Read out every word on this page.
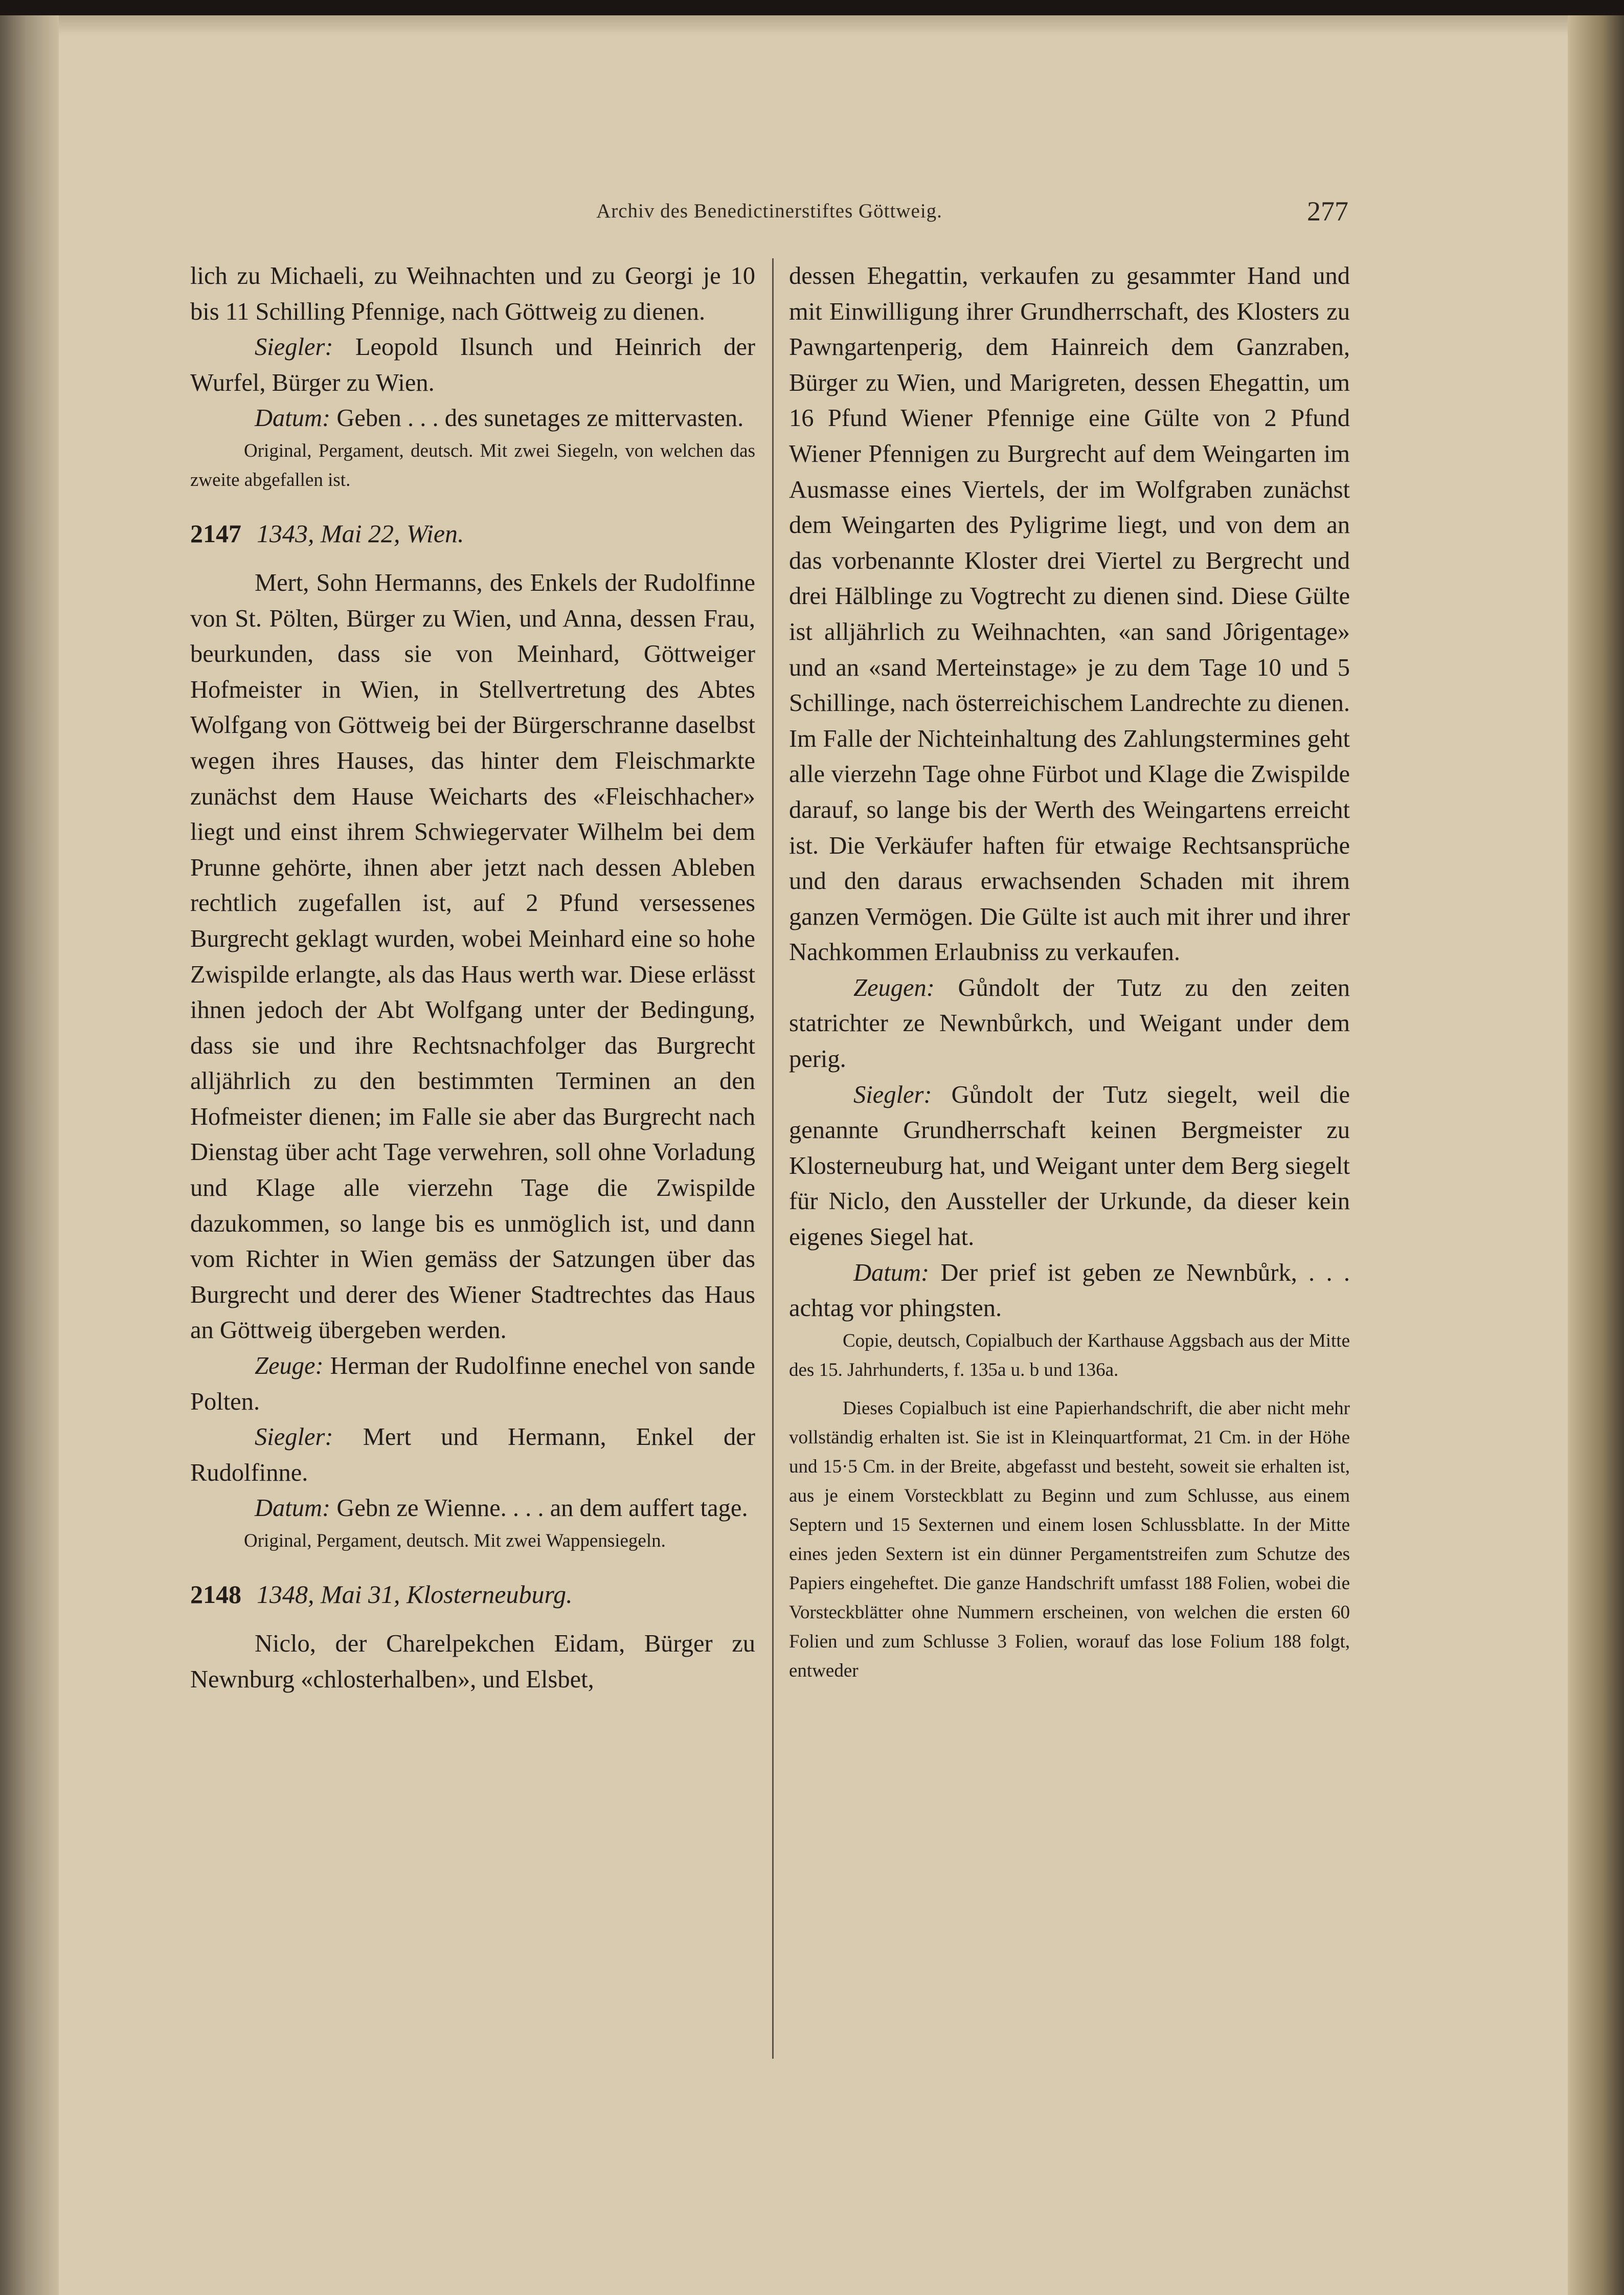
Archiv des Benedictinerstiftes Göttweig.	277

lich zu Michaeli, zu Weihnachten und zu Georgi je 10 bis 11 Schilling Pfennige, nach Göttweig zu dienen.

Siegler: Leopold Ilsunch und Heinrich der Wurfel, Bürger zu Wien.

Datum: Geben . . . des sunetages ze mittervasten.

Original, Pergament, deutsch. Mit zwei Siegeln, von welchen das zweite abgefallen ist.

2147 1343, Mai 22, Wien.

Mert, Sohn Hermanns, des Enkels der Rudolfinne von St. Pölten, Bürger zu Wien, und Anna, dessen Frau, beurkunden, dass sie von Meinhard, Göttweiger Hofmeister in Wien, in Stellvertretung des Abtes Wolfgang von Göttweig bei der Bürgerschranne daselbst wegen ihres Hauses, das hinter dem Fleischmarkte zunächst dem Hause Weicharts des «Fleischhacher» liegt und einst ihrem Schwiegervater Wilhelm bei dem Prunne gehörte, ihnen aber jetzt nach dessen Ableben rechtlich zugefallen ist, auf 2 Pfund versessenes Burgrecht geklagt wurden, wobei Meinhard eine so hohe Zwispilde erlangte, als das Haus werth war. Diese erlässt ihnen jedoch der Abt Wolfgang unter der Bedingung, dass sie und ihre Rechtsnachfolger das Burgrecht alljährlich zu den bestimmten Terminen an den Hofmeister dienen; im Falle sie aber das Burgrecht nach Dienstag über acht Tage verwehren, soll ohne Vorladung und Klage alle vierzehn Tage die Zwispilde dazukommen, so lange bis es unmöglich ist, und dann vom Richter in Wien gemäss der Satzungen über das Burgrecht und derer des Wiener Stadtrechtes das Haus an Göttweig übergeben werden.

Zeuge: Herman der Rudolfinne enechel von sande Polten.

Siegler: Mert und Hermann, Enkel der Rudolfinne.

Datum: Gebn ze Wienne. . . . an dem auffert tage.

Original, Pergament, deutsch. Mit zwei Wappensiegeln.

2148 1348, Mai 31, Klosterneuburg.

Niclo, der Charelpekchen Eidam, Bürger zu Newnburg «chlosterhalben», und Elsbet,

dessen Ehegattin, verkaufen zu gesammter Hand und mit Einwilligung ihrer Grundherrschaft, des Klosters zu Pawngartenperig, dem Hainreich dem Ganzraben, Bürger zu Wien, und Marigreten, dessen Ehegattin, um 16 Pfund Wiener Pfennige eine Gülte von 2 Pfund Wiener Pfennigen zu Burgrecht auf dem Weingarten im Ausmasse eines Viertels, der im Wolfgraben zunächst dem Weingarten des Pyligrime liegt, und von dem an das vorbenannte Kloster drei Viertel zu Bergrecht und drei Hälblinge zu Vogtrecht zu dienen sind. Diese Gülte ist alljährlich zu Weihnachten, «an sand Jôrigentage» und an «sand Merteinstage» je zu dem Tage 10 und 5 Schillinge, nach österreichischem Landrechte zu dienen. Im Falle der Nichteinhaltung des Zahlungstermines geht alle vierzehn Tage ohne Fürbot und Klage die Zwispilde darauf, so lange bis der Werth des Weingartens erreicht ist. Die Verkäufer haften für etwaige Rechtsansprüche und den daraus erwachsenden Schaden mit ihrem ganzen Vermögen. Die Gülte ist auch mit ihrer und ihrer Nachkommen Erlaubniss zu verkaufen.

Zeugen: Gůndolt der Tutz zu den zeiten statrichter ze Newnbůrkch, und Weigant under dem perig.

Siegler: Gůndolt der Tutz siegelt, weil die genannte Grundherrschaft keinen Bergmeister zu Klosterneuburg hat, und Weigant unter dem Berg siegelt für Niclo, den Aussteller der Urkunde, da dieser kein eigenes Siegel hat.

Datum: Der prief ist geben ze Newnbůrk, . . . achtag vor phingsten.

Copie, deutsch, Copialbuch der Karthause Aggsbach aus der Mitte des 15. Jahrhunderts, f. 135a u. b und 136a.

Dieses Copialbuch ist eine Papierhandschrift, die aber nicht mehr vollständig erhalten ist. Sie ist in Kleinquartformat, 21 Cm. in der Höhe und 15·5 Cm. in der Breite, abgefasst und besteht, soweit sie erhalten ist, aus je einem Vorsteckblatt zu Beginn und zum Schlusse, aus einem Septern und 15 Sexternen und einem losen Schlussblatte. In der Mitte eines jeden Sextern ist ein dünner Pergamentstreifen zum Schutze des Papiers eingeheftet. Die ganze Handschrift umfasst 188 Folien, wobei die Vorsteckblätter ohne Nummern erscheinen, von welchen die ersten 60 Folien und zum Schlusse 3 Folien, worauf das lose Folium 188 folgt, entweder
